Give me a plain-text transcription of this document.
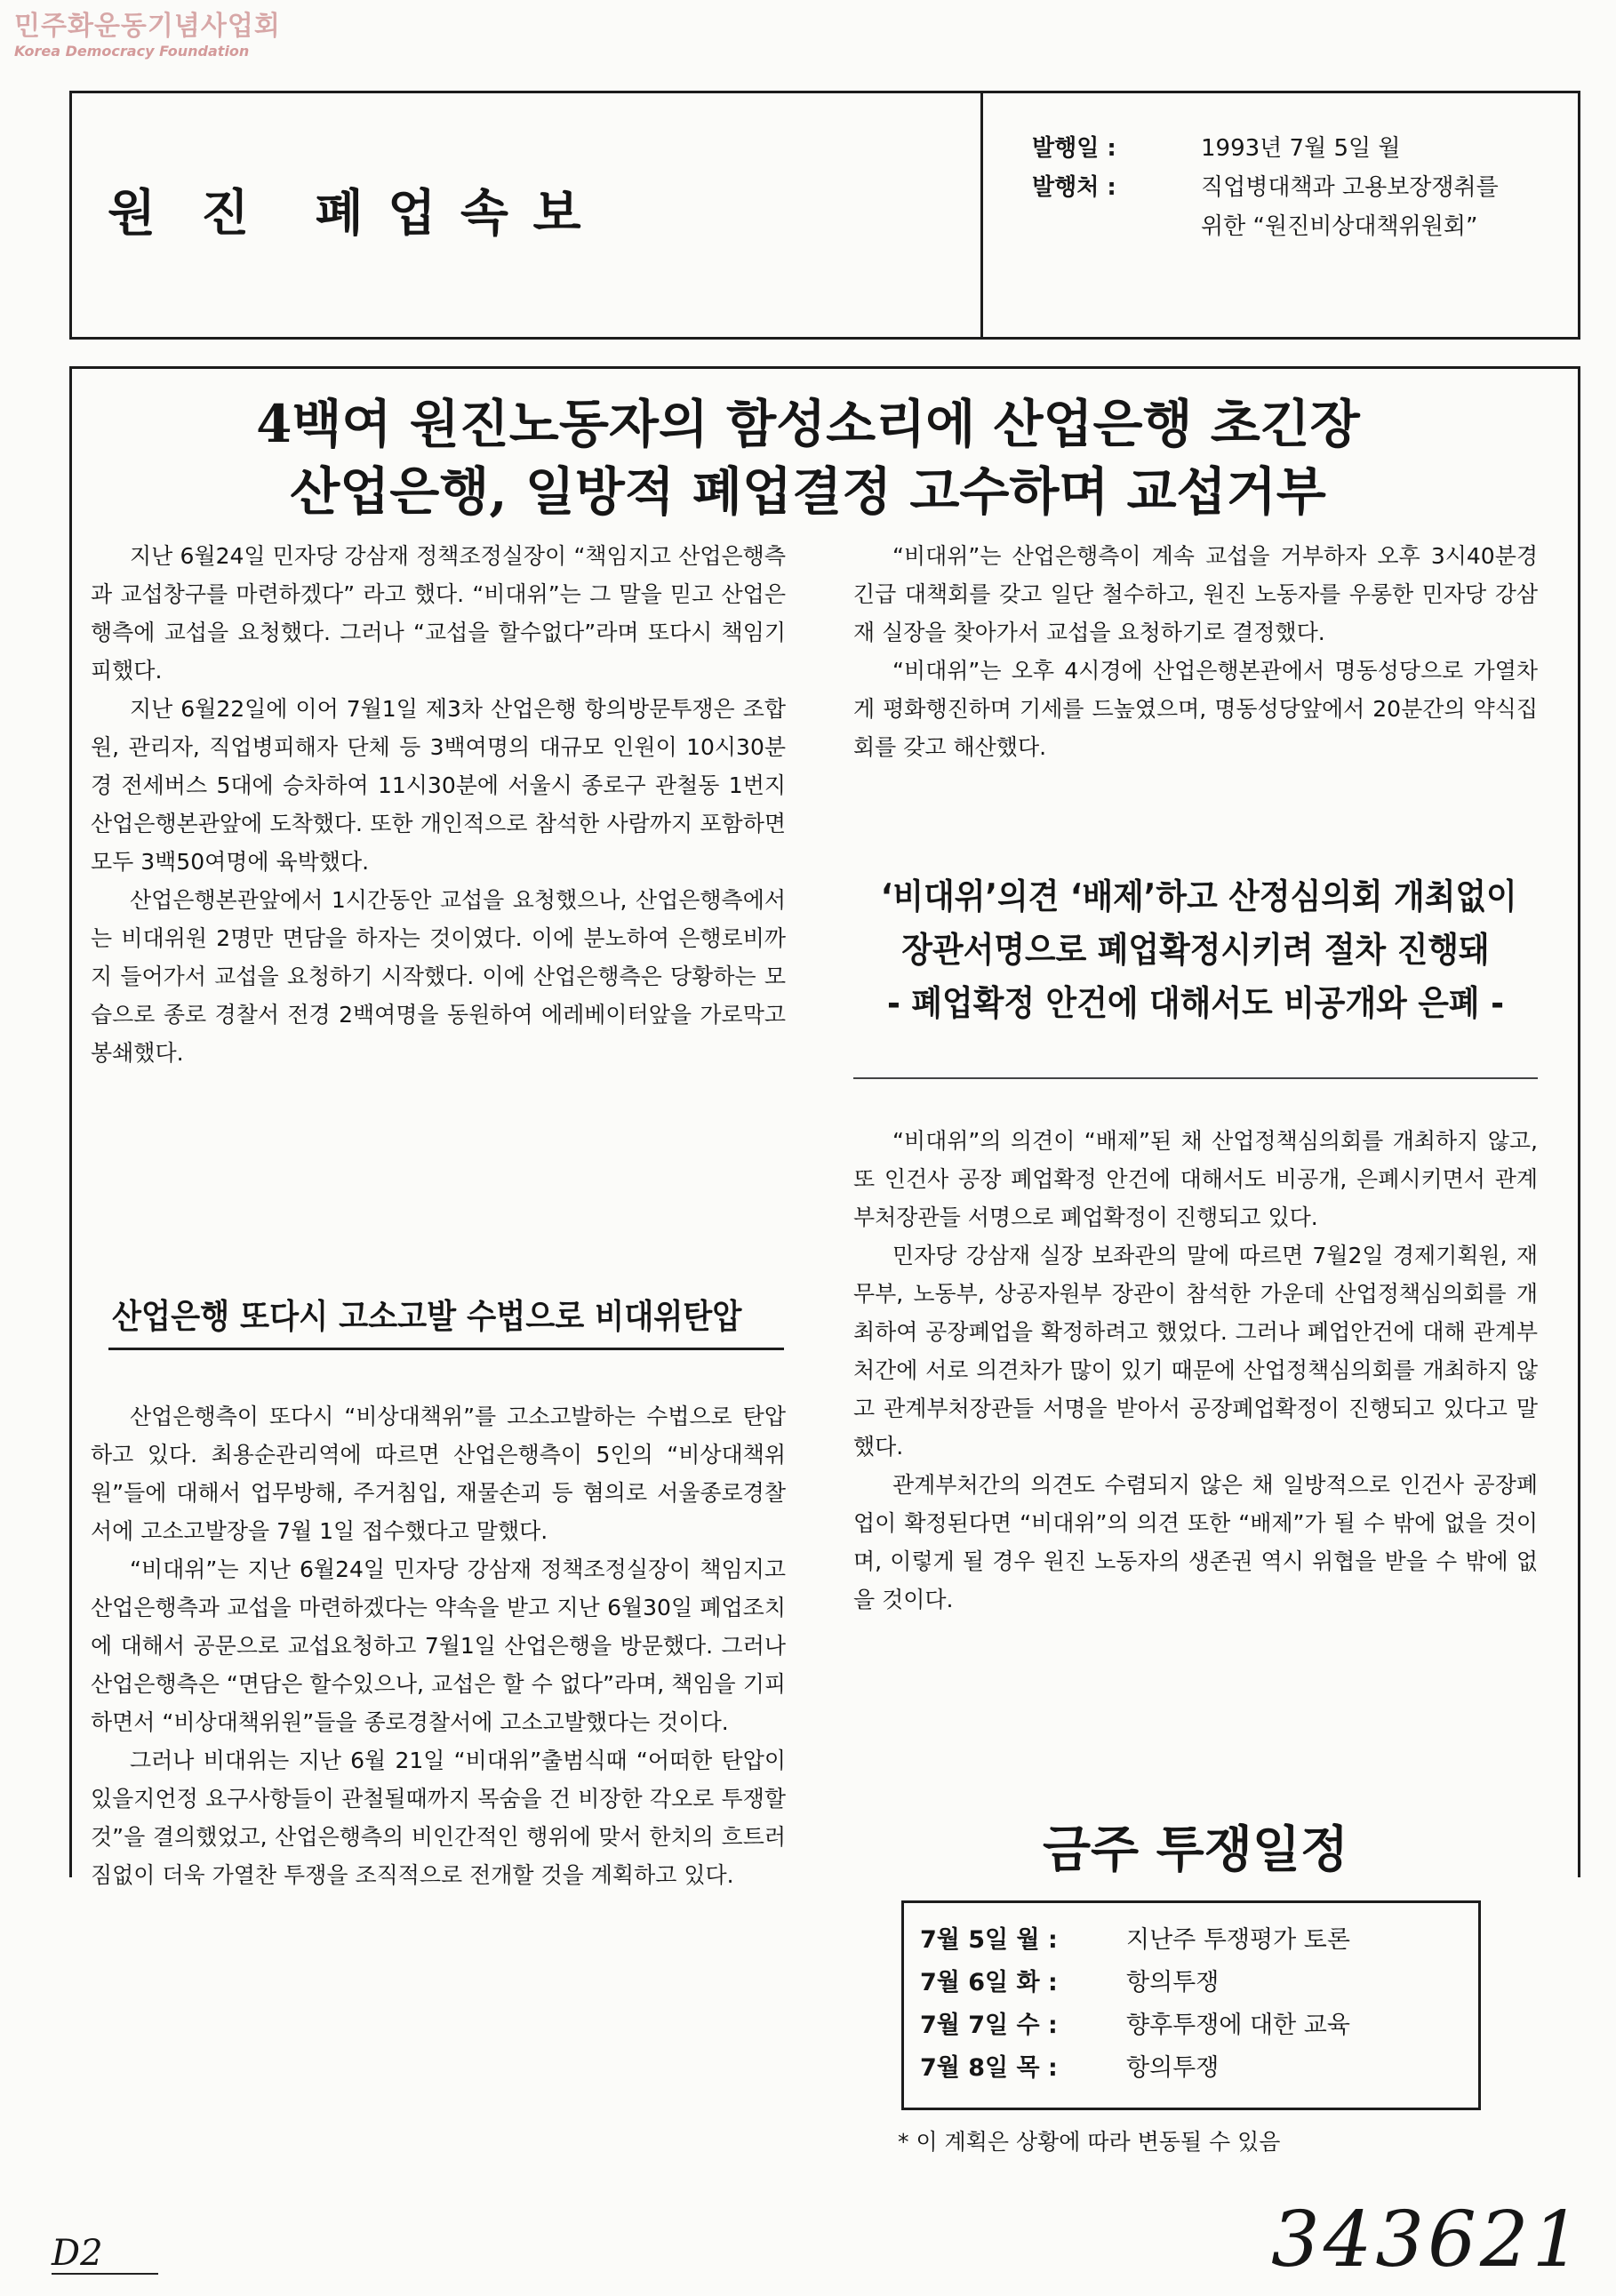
민주화운동기념사업회
Korea Democracy Foundation
원  진   폐 업 속 보
발행일 :	1993년 7월 5일 월
발행처 :	직업병대책과 고용보장쟁취를
위한 “원진비상대책위원회”
4백여 원진노동자의 함성소리에 산업은행 초긴장
산업은행, 일방적 폐업결정 고수하며 교섭거부

지난 6월24일 민자당 강삼재 정책조정실장이 “책임지고 산업은행측과 교섭창구를 마련하겠다” 라고 했다. “비대위”는 그 말을 믿고 산업은행측에 교섭을 요청했다. 그러나 “교섭을 할수없다”라며 또다시 책임기피했다.

지난 6월22일에 이어 7월1일 제3차 산업은행 항의방문투쟁은 조합원, 관리자, 직업병피해자 단체 등 3백여명의 대규모 인원이 10시30분경 전세버스 5대에 승차하여 11시30분에 서울시 종로구 관철동 1번지 산업은행본관앞에 도착했다. 또한 개인적으로 참석한 사람까지 포함하면 모두 3백50여명에 육박했다.

산업은행본관앞에서 1시간동안 교섭을 요청했으나, 산업은행측에서는 비대위원 2명만 면담을 하자는 것이였다. 이에 분노하여 은행로비까지 들어가서 교섭을 요청하기 시작했다. 이에 산업은행측은 당황하는 모습으로 종로 경찰서 전경 2백여명을 동원하여 에레베이터앞을 가로막고 봉쇄했다.

산업은행 또다시 고소고발 수법으로 비대위탄압

산업은행측이 또다시 “비상대책위”를 고소고발하는 수법으로 탄압하고 있다. 최용순관리역에 따르면 산업은행측이 5인의 “비상대책위원”들에 대해서 업무방해, 주거침입, 재물손괴 등 혐의로 서울종로경찰서에 고소고발장을 7월 1일 접수했다고 말했다.

“비대위”는 지난 6월24일 민자당 강삼재 정책조정실장이 책임지고 산업은행측과 교섭을 마련하겠다는 약속을 받고 지난 6월30일 폐업조치에 대해서 공문으로 교섭요청하고 7월1일 산업은행을 방문했다. 그러나 산업은행측은 “면담은 할수있으나, 교섭은 할 수 없다”라며, 책임을 기피 하면서 “비상대책위원”들을 종로경찰서에 고소고발했다는 것이다.

그러나 비대위는 지난 6월 21일 “비대위”출범식때 “어떠한 탄압이 있을지언정 요구사항들이 관철될때까지 목숨을 건 비장한 각오로 투쟁할것”을 결의했었고, 산업은행측의 비인간적인 행위에 맞서 한치의 흐트러짐없이 더욱 가열찬 투쟁을 조직적으로 전개할 것을 계획하고 있다.

“비대위”는 산업은행측이 계속 교섭을 거부하자 오후 3시40분경 긴급 대책회를 갖고 일단 철수하고, 원진 노동자를 우롱한 민자당 강삼재 실장을 찾아가서 교섭을 요청하기로 결정했다.

“비대위”는 오후 4시경에 산업은행본관에서 명동성당으로 가열차게 평화행진하며 기세를 드높였으며, 명동성당앞에서 20분간의 약식집회를 갖고 해산했다.

‘비대위’의견 ‘배제’하고 산정심의회 개최없이
장관서명으로 폐업확정시키려 절차 진행돼
- 폐업확정 안건에 대해서도 비공개와 은폐 -

“비대위”의 의견이 “배제”된 채 산업정책심의회를 개최하지 않고, 또 인건사 공장 폐업확정 안건에 대해서도 비공개, 은폐시키면서 관계부처장관들 서명으로 폐업확정이 진행되고 있다.

민자당 강삼재 실장 보좌관의 말에 따르면 7월2일 경제기획원, 재무부, 노동부, 상공자원부 장관이 참석한 가운데 산업정책심의회를 개최하여 공장폐업을 확정하려고 했었다. 그러나 폐업안건에 대해 관계부처간에 서로 의견차가 많이 있기 때문에 산업정책심의회를 개최하지 않고 관계부처장관들 서명을 받아서 공장폐업확정이 진행되고 있다고 말했다.

관계부처간의 의견도 수렴되지 않은 채 일방적으로 인건사 공장폐업이 확정된다면 “비대위”의 의견 또한 “배제”가 될 수 밖에 없을 것이며, 이렇게 될 경우 원진 노동자의 생존권 역시 위협을 받을 수 밖에 없을 것이다.

금주 투쟁일정
7월 5일 월 :	지난주 투쟁평가 토론
7월 6일 화 :	항의투쟁
7월 7일 수 :	향후투쟁에 대한 교육
7월 8일 목 :	항의투쟁
* 이 계획은 상황에 따라 변동될 수 있음
D2	343621
